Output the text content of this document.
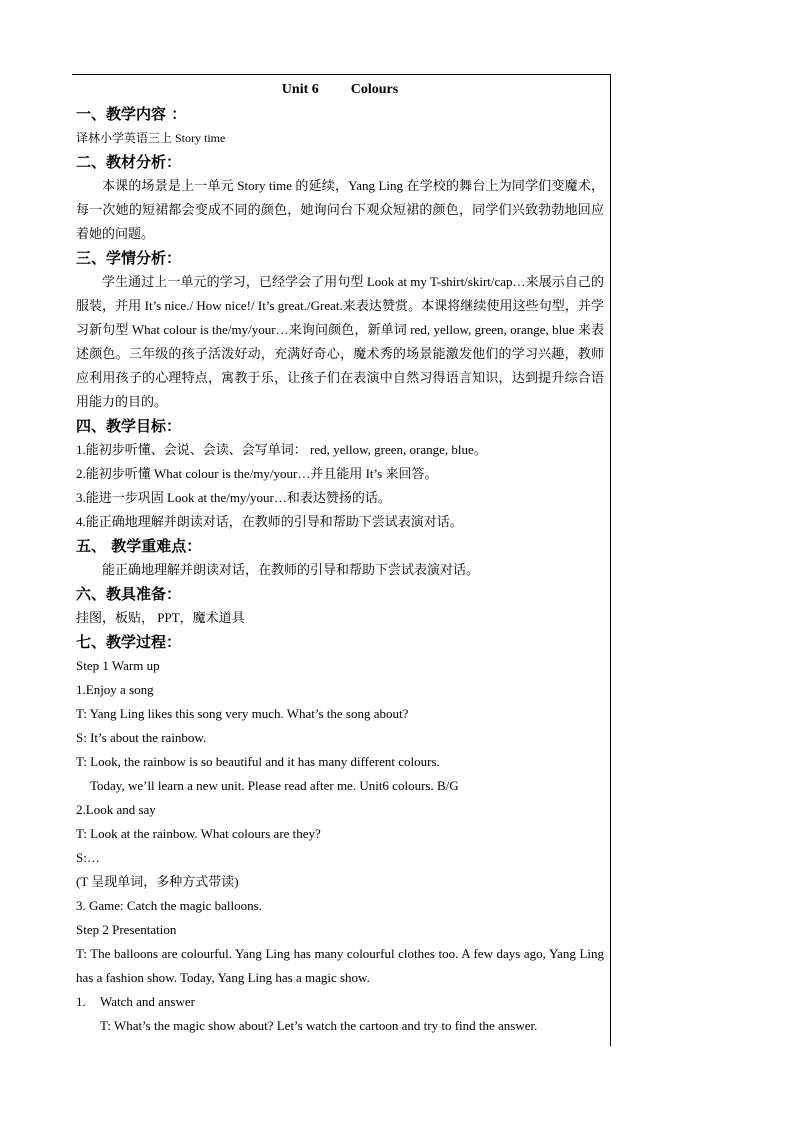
Unit 6 Colours
一、教学内容 ：
译林小学英语三上 Story time
二、教材分析：
本课的场景是上一单元 Story time 的延续，Yang Ling 在学校的舞台上为同学们变魔术，每一次她的短裙都会变成不同的颜色，她询问台下观众短裙的颜色，同学们兴致勃勃地回应着她的问题。
三、学情分析：
学生通过上一单元的学习，已经学会了用句型 Look at my T-shirt/skirt/cap…来展示自己的服装，并用 It’s nice./ How nice!/ It’s great./Great.来表达赞赏。本课将继续使用这些句型，并学习新句型 What colour is the/my/your…来询问颜色，新单词 red, yellow, green, orange, blue 来表述颜色。三年级的孩子活泼好动，充满好奇心，魔术秀的场景能激发他们的学习兴趣，教师应利用孩子的心理特点，寓教于乐，让孩子们在表演中自然习得语言知识，达到提升综合语用能力的目的。
四、教学目标：
1.能初步听懂、会说、会读、会写单词： red, yellow, green, orange, blue。
2.能初步听懂 What colour is the/my/your…并且能用 It’s 来回答。
3.能进一步巩固 Look at the/my/your…和表达赞扬的话。
4.能正确地理解并朗读对话，在教师的引导和帮助下尝试表演对话。
五、 教学重难点：
能正确地理解并朗读对话，在教师的引导和帮助下尝试表演对话。
六、教具准备：
挂图，板贴， PPT，魔术道具
七、教学过程：
Step 1 Warm up
1.Enjoy a song
T: Yang Ling likes this song very much. What’s the song about?
S: It’s about the rainbow.
T: Look, the rainbow is so beautiful and it has many different colours.
Today, we’ll learn a new unit. Please read after me. Unit6 colours. B/G
2.Look and say
T: Look at the rainbow. What colours are they?
S:…
(T 呈现单词，多种方式带读)
3. Game: Catch the magic balloons.
Step 2 Presentation
T: The balloons are colourful. Yang Ling has many colourful clothes too. A few days ago, Yang Ling has a fashion show. Today, Yang Ling has a magic show.
1. Watch and answer
T: What’s the magic show about? Let’s watch the cartoon and try to find the answer.
